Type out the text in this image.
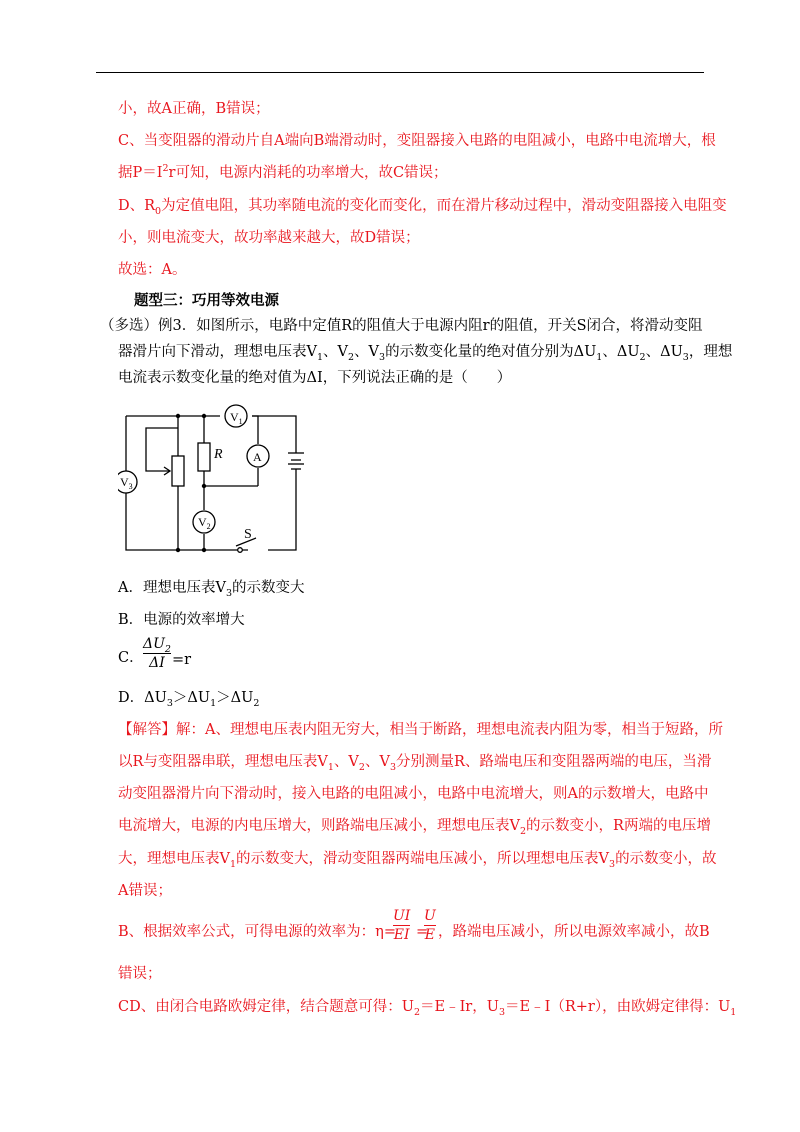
小，故A正确，B错误；
C、当变阻器的滑动片自A端向B端滑动时，变阻器接入电路的电阻减小，电路中电流增大，根
据$P=I^2r$可知，电源内消耗的功率增大，故C错误；
D、$R_0$为定值电阻，其功率随电流的变化而变化，而在滑片移动过程中，滑动变阻器接入电阻变
小，则电流变大，故功率越来越大，故D错误；
故选：A。
题型三：巧用等效电源
（多选）例3．如图所示，电路中定值R的阻值大于电源内阻r的阻值，开关S闭合，将滑动变阻
器滑片向下滑动，理想电压表$V_1$、$V_2$、$V_3$的示数变化量的绝对值分别为$\Delta U_1$、$\Delta U_2$、$\Delta U_3$，理想
电流表示数变化量的绝对值为ΔI，下列说法正确的是（　　）
$V_1$
A
$V_2$
$V_3$
R
S
A．理想电压表$V_3$的示数变大
B．电源的效率增大
C．
$\Delta U_2$
ΔI =r
D．$\Delta U_3>\Delta U_1>\Delta U_2$
【解答】解：A、理想电压表内阻无穷大，相当于断路，理想电流表内阻为零，相当于短路，所
以R与变阻器串联，理想电压表$V_1$、$V_2$、$V_3$分别测量R、路端电压和变阻器两端的电压，当滑
动变阻器滑片向下滑动时，接入电路的电阻减小，电路中电流增大，则A的示数增大，电路中
电流增大，电源的内电压增大，则路端电压减小，理想电压表$V_2$的示数变小，R两端的电压增
大，理想电压表$V_1$的示数变大，滑动变阻器两端电压减小，所以理想电压表$V_3$的示数变小，故
A错误；
B、根据效率公式，可得电源的效率为：η=
UI
EI =
U
E ，路端电压减小，所以电源效率减小，故B
错误；
CD、由闭合电路欧姆定律，结合题意可得：$U_2=E﹣Ir$，$U_3=E﹣I(R+r)$，由欧姆定律得：$U_1$
